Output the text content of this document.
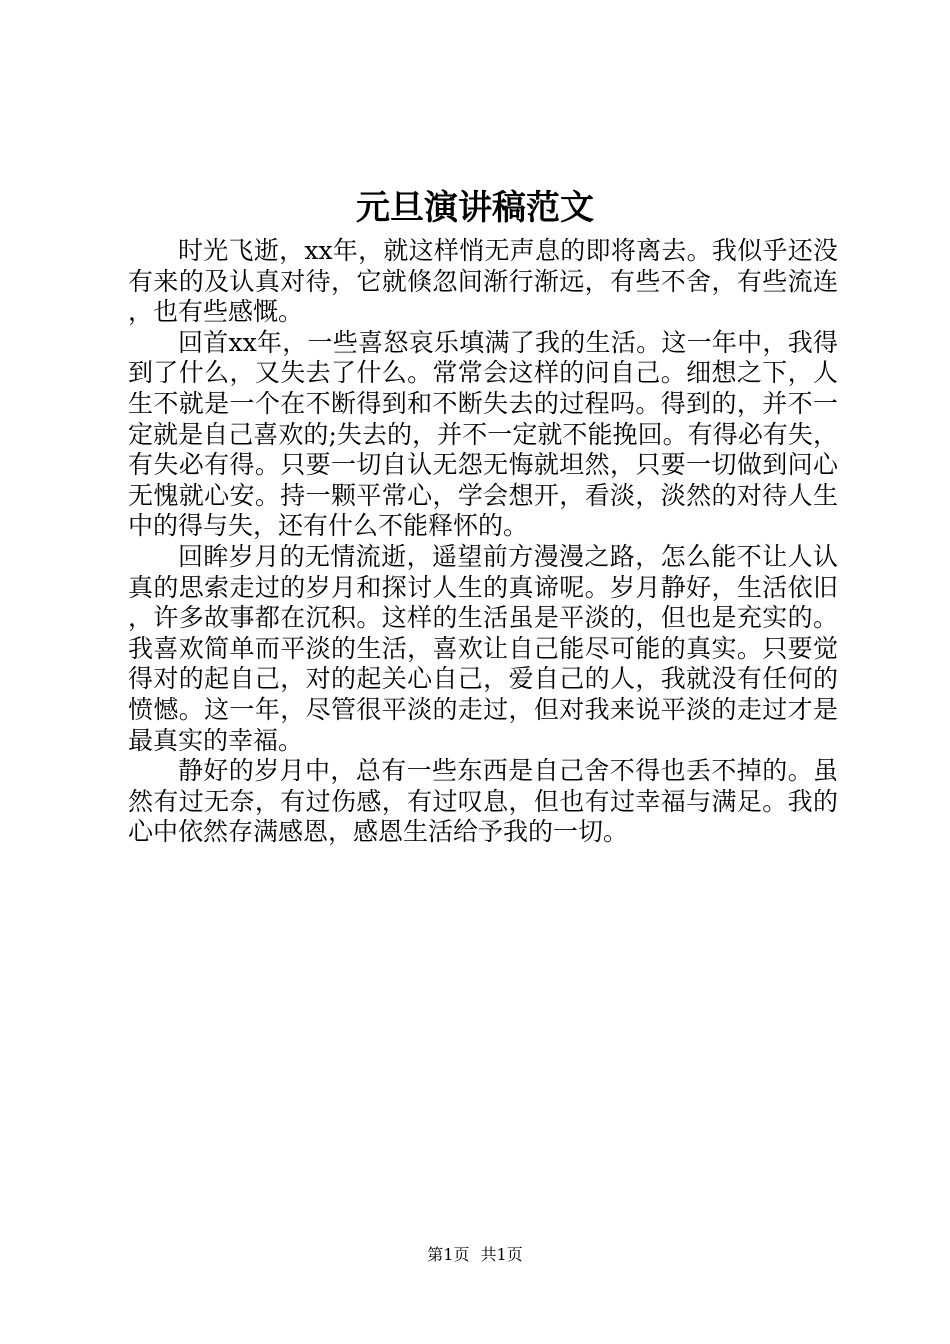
元旦演讲稿范文

时光飞逝，xx年，就这样悄无声息的即将离去。我似乎还没有来的及认真对待，它就倏忽间渐行渐远，有些不舍，有些流连，也有些感慨。

回首xx年，一些喜怒哀乐填满了我的生活。这一年中，我得到了什么，又失去了什么。常常会这样的问自己。细想之下，人生不就是一个在不断得到和不断失去的过程吗。得到的，并不一定就是自己喜欢的;失去的，并不一定就不能挽回。有得必有失，有失必有得。只要一切自认无怨无悔就坦然，只要一切做到问心无愧就心安。持一颗平常心，学会想开，看淡，淡然的对待人生中的得与失，还有什么不能释怀的。

回眸岁月的无情流逝，遥望前方漫漫之路，怎么能不让人认真的思索走过的岁月和探讨人生的真谛呢。岁月静好，生活依旧，许多故事都在沉积。这样的生活虽是平淡的，但也是充实的。我喜欢简单而平淡的生活，喜欢让自己能尽可能的真实。只要觉得对的起自己，对的起关心自己，爱自己的人，我就没有任何的愤憾。这一年，尽管很平淡的走过，但对我来说平淡的走过才是最真实的幸福。

静好的岁月中，总有一些东西是自己舍不得也丢不掉的。虽然有过无奈，有过伤感，有过叹息，但也有过幸福与满足。我的心中依然存满感恩，感恩生活给予我的一切。

第1页 共1页
